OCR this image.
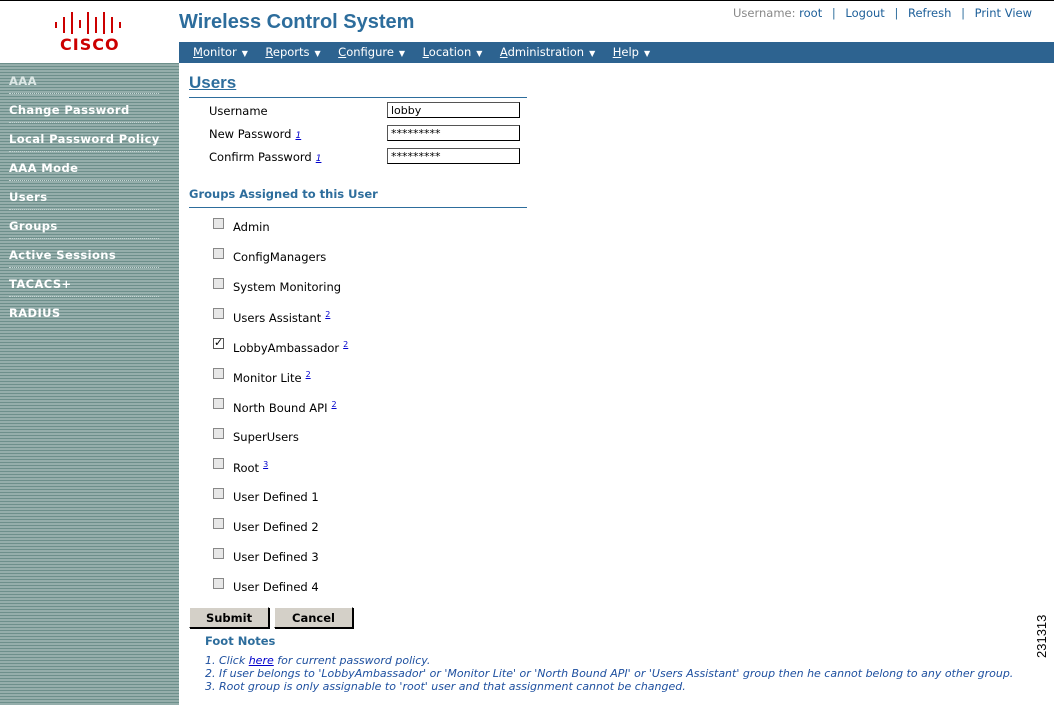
CISCO
Wireless Control System	Username: root | Logout | Refresh | Print View
Monitor ▼ Reports ▼ Configure ▼ Location ▼ Administration ▼ Help ▼
AAA
Change Password
Local Password Policy
AAA Mode
Users
Groups
Active Sessions
TACACS+
RADIUS
Users
Username
lobby
New Password 1
*********
Confirm Password 1
*********
Groups Assigned to this User
Admin
ConfigManagers
System Monitoring
Users Assistant $^2$
✓
LobbyAmbassador $^2$
Monitor Lite $^2$
North Bound API $^2$
SuperUsers
Root $^3$
User Defined 1
User Defined 2
User Defined 3
User Defined 4
Submit	Cancel
Foot Notes
1. Click here for current password policy.
2. If user belongs to 'LobbyAmbassador' or 'Monitor Lite' or 'North Bound API' or 'Users Assistant' group then he cannot belong to any other group.
3. Root group is only assignable to 'root' user and that assignment cannot be changed.
231313
